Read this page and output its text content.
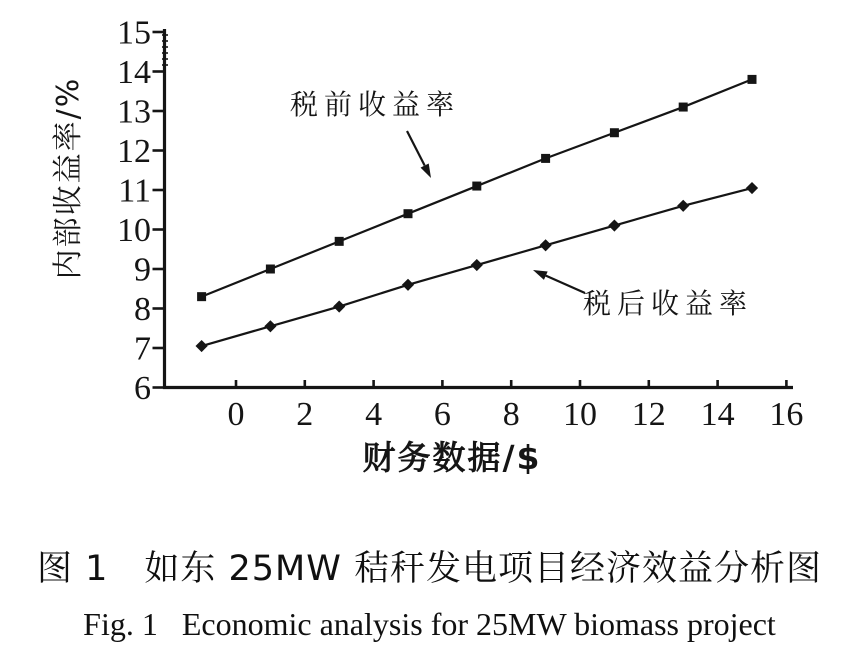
6
7
8
9
10
11
12
13
14
15
0 2 4 6 8 10 12 14 16
内部收益率/%
财务数据/$
税前收益率
税后收益率
图 1　如东 25MW 秸秆发电项目经济效益分析图
Fig. 1   Economic analysis for 25MW biomass project
